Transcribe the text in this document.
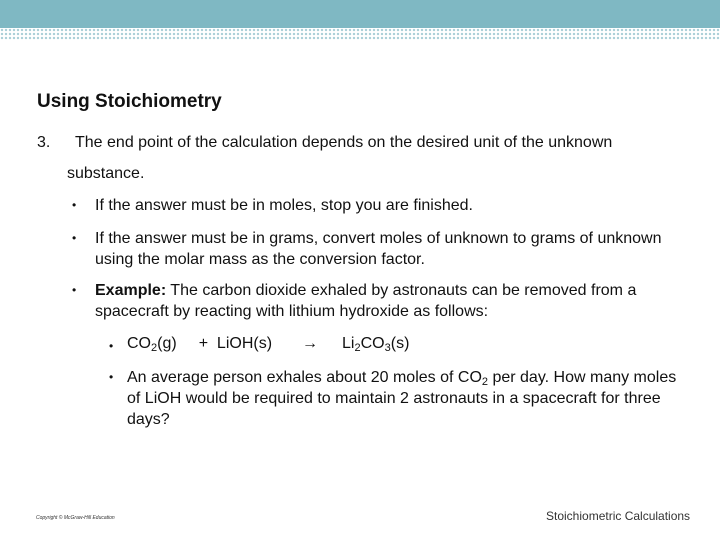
Using Stoichiometry
3. The end point of the calculation depends on the desired unit of the unknown
substance.
• If the answer must be in moles, stop you are finished.
• If the answer must be in grams, convert moles of unknown to grams of unknown using the molar mass as the conversion factor.
• Example: The carbon dioxide exhaled by astronauts can be removed from a spacecraft by reacting with lithium hydroxide as follows:
• $CO_2(g)$ + LiOH(s) → $Li_2CO_3(s)$
• An average person exhales about 20 moles of $CO_2$ per day. How many moles of LiOH would be required to maintain 2 astronauts in a spacecraft for three days?
Copyright © McGraw-Hill Education	Stoichiometric Calculations
